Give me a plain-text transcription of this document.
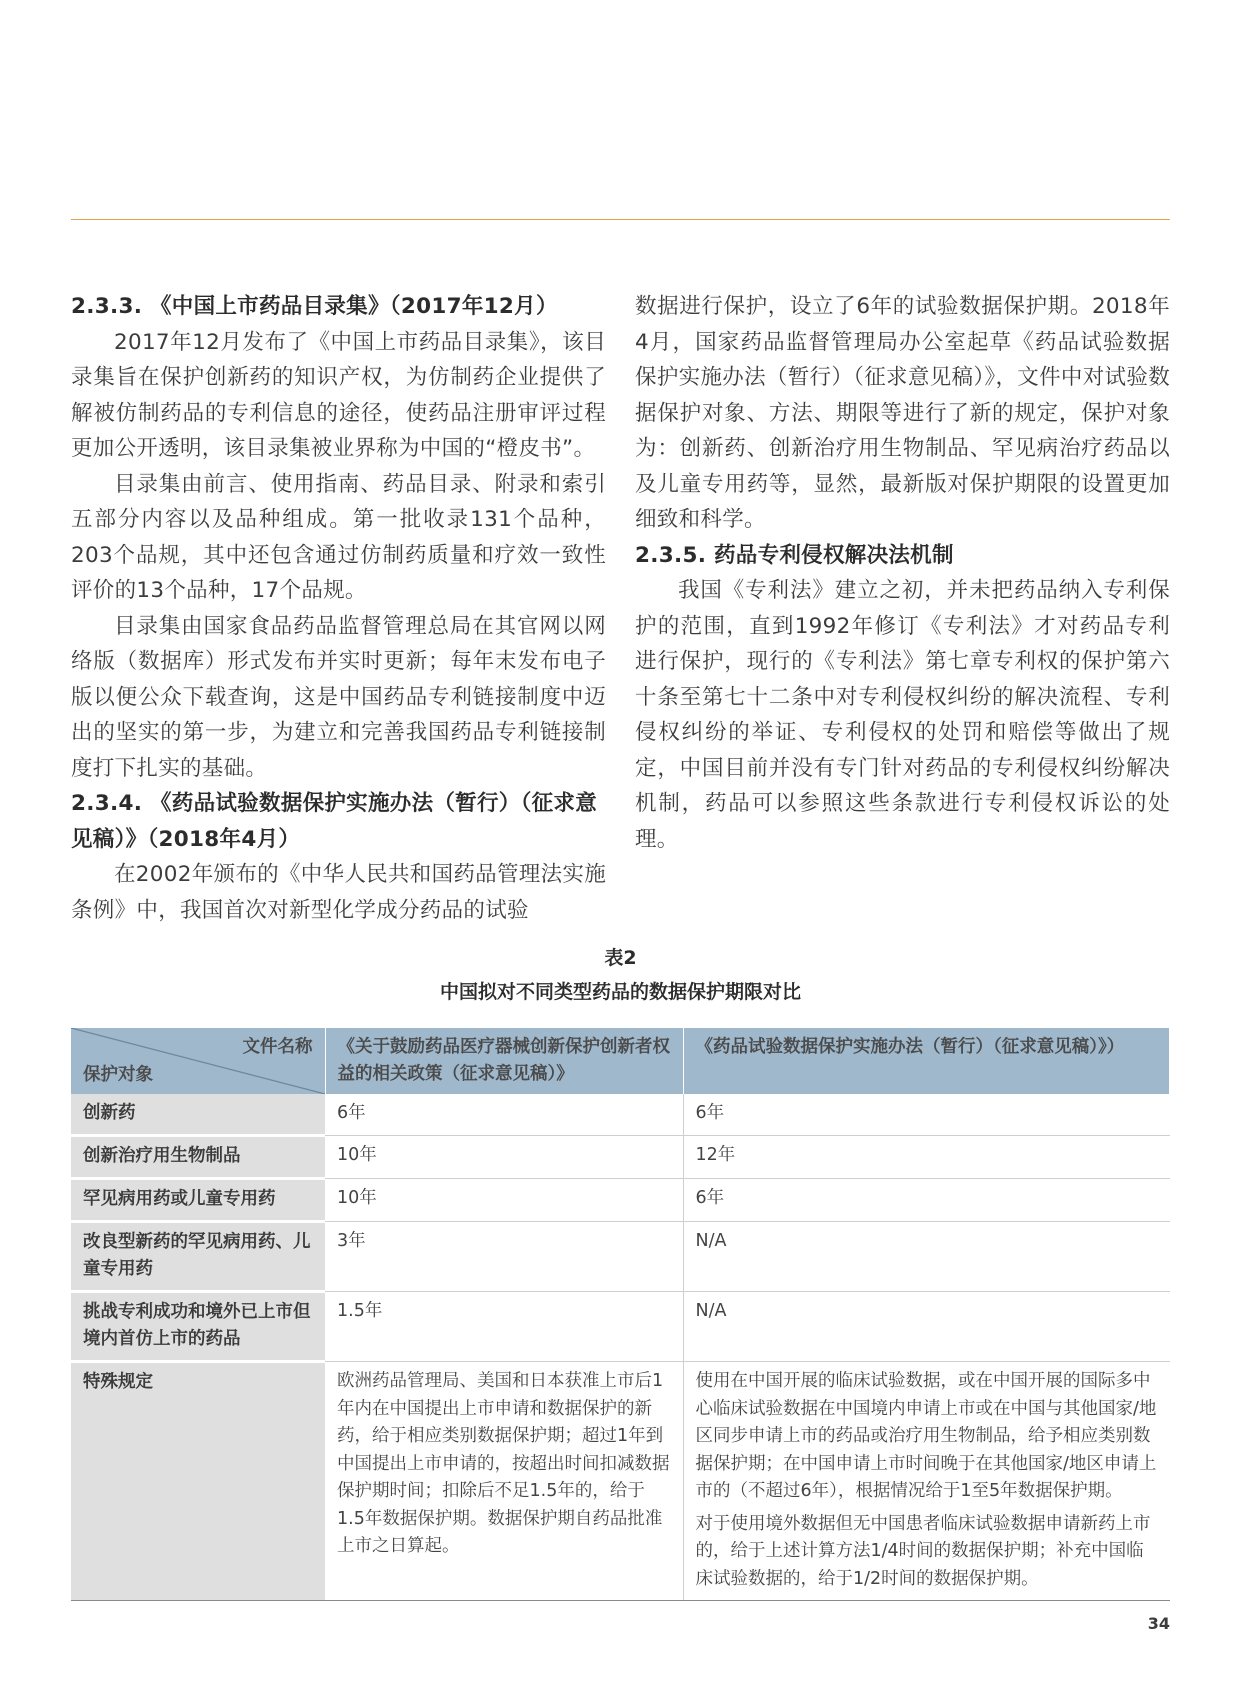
2.3.3. 《中国上市药品目录集》（2017年12月）

2017年12月发布了《中国上市药品目录集》，该目录集旨在保护创新药的知识产权，为仿制药企业提供了解被仿制药品的专利信息的途径，使药品注册审评过程更加公开透明，该目录集被业界称为中国的“橙皮书”。

目录集由前言、使用指南、药品目录、附录和索引五部分内容以及品种组成。第一批收录131个品种，203个品规，其中还包含通过仿制药质量和疗效一致性评价的13个品种，17个品规。

目录集由国家食品药品监督管理总局在其官网以网络版（数据库）形式发布并实时更新；每年末发布电子版以便公众下载查询，这是中国药品专利链接制度中迈出的坚实的第一步，为建立和完善我国药品专利链接制度打下扎实的基础。

2.3.4. 《药品试验数据保护实施办法（暂行）（征求意见稿）》（2018年4月）

在2002年颁布的《中华人民共和国药品管理法实施条例》中，我国首次对新型化学成分药品的试验

数据进行保护，设立了6年的试验数据保护期。2018年4月，国家药品监督管理局办公室起草《药品试验数据保护实施办法（暂行）（征求意见稿）》，文件中对试验数据保护对象、方法、期限等进行了新的规定，保护对象为：创新药、创新治疗用生物制品、罕见病治疗药品以及儿童专用药等，显然，最新版对保护期限的设置更加细致和科学。

2.3.5. 药品专利侵权解决法机制

我国《专利法》建立之初，并未把药品纳入专利保护的范围，直到1992年修订《专利法》才对药品专利进行保护，现行的《专利法》第七章专利权的保护第六十条至第七十二条中对专利侵权纠纷的解决流程、专利侵权纠纷的举证、专利侵权的处罚和赔偿等做出了规定，中国目前并没有专门针对药品的专利侵权纠纷解决机制，药品可以参照这些条款进行专利侵权诉讼的处理。

表2
中国拟对不同类型药品的数据保护期限对比
文件名称
保护对象	《关于鼓励药品医疗器械创新保护创新者权益的相关政策（征求意见稿）》	《药品试验数据保护实施办法（暂行）（征求意见稿）》）
创新药	6年	6年
创新治疗用生物制品	10年	12年
罕见病用药或儿童专用药	10年	6年
改良型新药的罕见病用药、儿童专用药	3年	N/A
挑战专利成功和境外已上市但境内首仿上市的药品	1.5年	N/A
特殊规定	欧洲药品管理局、美国和日本获准上市后1年内在中国提出上市申请和数据保护的新药，给于相应类别数据保护期；超过1年到中国提出上市申请的，按超出时间扣减数据保护期时间；扣除后不足1.5年的，给于1.5年数据保护期。数据保护期自药品批准上市之日算起。	使用在中国开展的临床试验数据，或在中国开展的国际多中心临床试验数据在中国境内申请上市或在中国与其他国家/地区同步申请上市的药品或治疗用生物制品，给予相应类别数据保护期；在中国申请上市时间晚于在其他国家/地区申请上市的（不超过6年），根据情况给于1至5年数据保护期。
对于使用境外数据但无中国患者临床试验数据申请新药上市的，给于上述计算方法1/4时间的数据保护期；补充中国临床试验数据的，给于1/2时间的数据保护期。
34
